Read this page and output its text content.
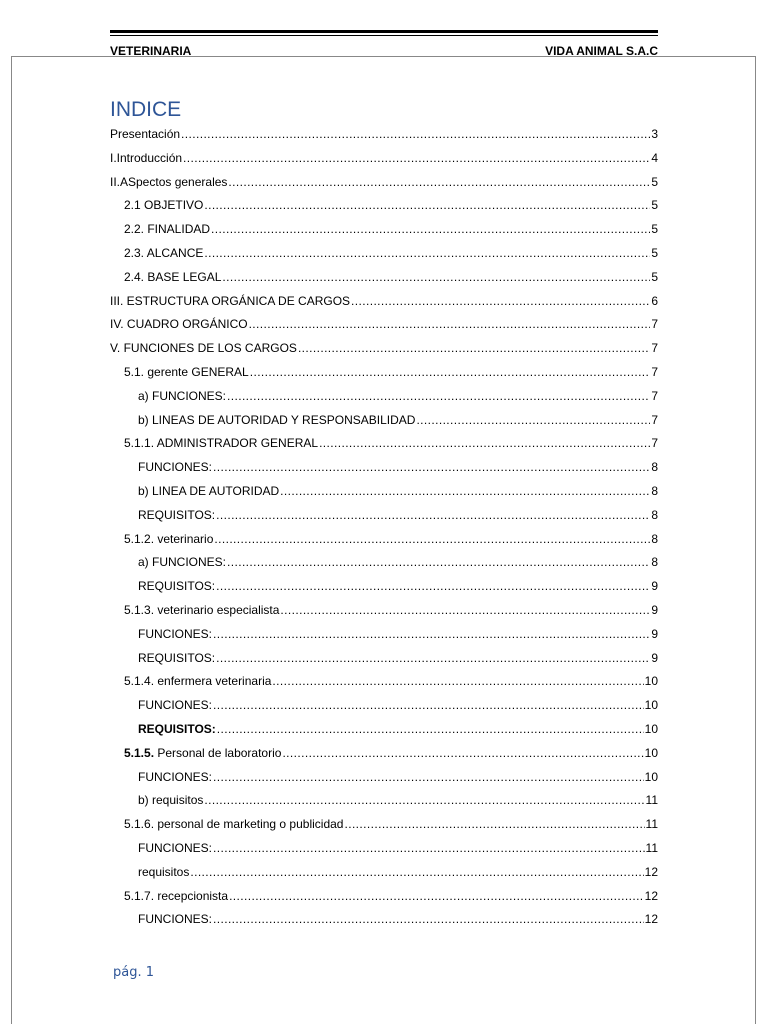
VETERINARIA	VIDA ANIMAL S.A.C
INDICE
Presentación .....	3
I.Introducción .....	4
II.ASpectos generales .....	5
2.1 OBJETIVO .....	5
2.2. FINALIDAD .....	5
2.3. ALCANCE .....	5
2.4. BASE LEGAL .....	5
III. ESTRUCTURA ORGÁNICA DE CARGOS .....	6
IV. CUADRO ORGÁNICO .....	7
V. FUNCIONES DE LOS CARGOS .....	7
5.1. gerente GENERAL .....	7
a) FUNCIONES: .....	7
b) LINEAS DE AUTORIDAD Y RESPONSABILIDAD .....	7
5.1.1. ADMINISTRADOR GENERAL .....	7
FUNCIONES: .....	8
b) LINEA DE AUTORIDAD .....	8
REQUISITOS: .....	8
5.1.2. veterinario .....	8
a) FUNCIONES: .....	8
REQUISITOS: .....	9
5.1.3. veterinario especialista .....	9
FUNCIONES: .....	9
REQUISITOS: .....	9
5.1.4. enfermera veterinaria .....	10
FUNCIONES: .....	10
REQUISITOS: .....	10
5.1.5. Personal de laboratorio .....	10
FUNCIONES: .....	10
b) requisitos .....	11
5.1.6. personal de marketing o publicidad .....	11
FUNCIONES: .....	11
requisitos .....	12
5.1.7. recepcionista .....	12
FUNCIONES: .....	12
pág. 1
